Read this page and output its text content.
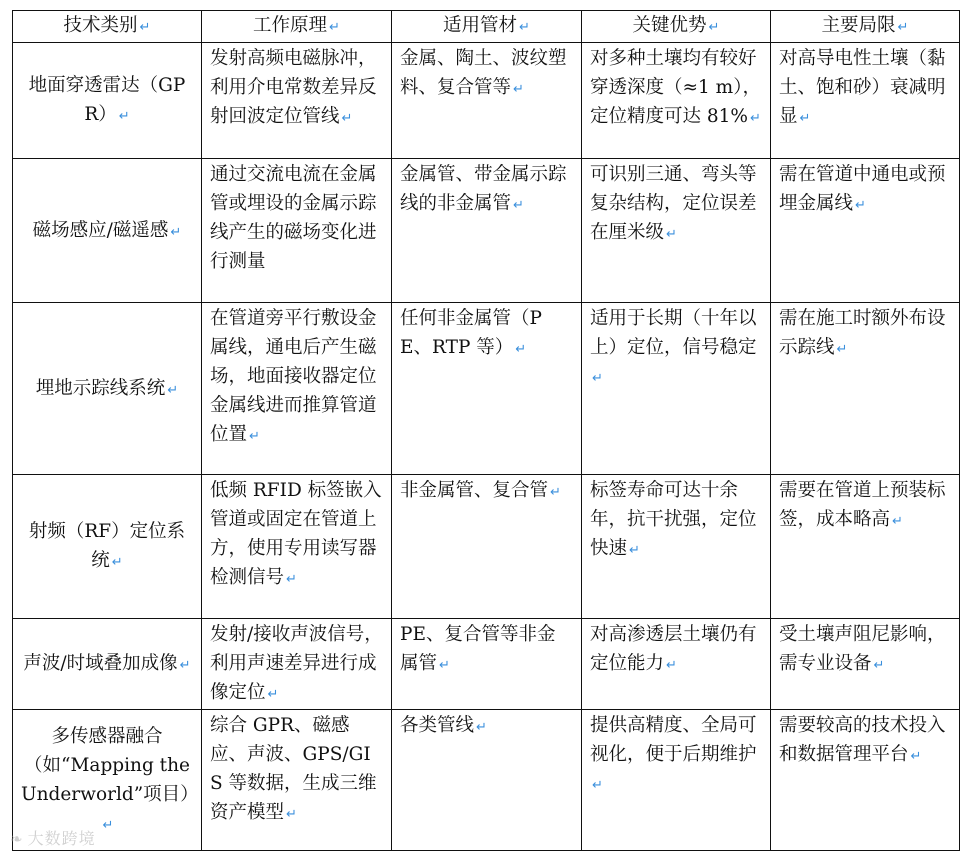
技术类别 ↵	工作原理 ↵	适用管材 ↵	关键优势 ↵	主要局限 ↵
地面穿透雷达（GPR） ↵	发射高频电磁脉冲，利用介电常数差异反射回波定位管线 ↵	金属、陶土、波纹塑料、复合管等 ↵	对多种土壤均有较好穿透深度（≈1 m），定位精度可达 81% ↵	对高导电性土壤（黏土、饱和砂）衰减明显 ↵
磁场感应/磁遥感 ↵	通过交流电流在金属管或埋设的金属示踪线产生的磁场变化进行测量	金属管、带金属示踪线的非金属管 ↵	可识别三通、弯头等复杂结构，定位误差在厘米级 ↵	需在管道中通电或预埋金属线 ↵
埋地示踪线系统 ↵	在管道旁平行敷设金属线，通电后产生磁场，地面接收器定位金属线进而推算管道位置 ↵	任何非金属管（PE、RTP 等） ↵	适用于长期（十年以上）定位，信号稳定↵	需在施工时额外布设示踪线 ↵
射频（RF）定位系统 ↵	低频 RFID 标签嵌入管道或固定在管道上方，使用专用读写器检测信号 ↵	非金属管、复合管 ↵	标签寿命可达十余年，抗干扰强，定位快速 ↵	需要在管道上预装标签，成本略高 ↵
声波/时域叠加成像 ↵	发射/接收声波信号，利用声速差异进行成像定位 ↵	PE、复合管等非金属管 ↵	对高渗透层土壤仍有定位能力 ↵	受土壤声阻尼影响，需专业设备 ↵
多传感器融合（如“Mapping the Underworld”项目）↵	综合 GPR、磁感应、声波、GPS/GIS 等数据，生成三维资产模型 ↵	各类管线 ↵	提供高精度、全局可视化，便于后期维护↵	需要较高的技术投入和数据管理平台 ↵
❧ 大数跨境
